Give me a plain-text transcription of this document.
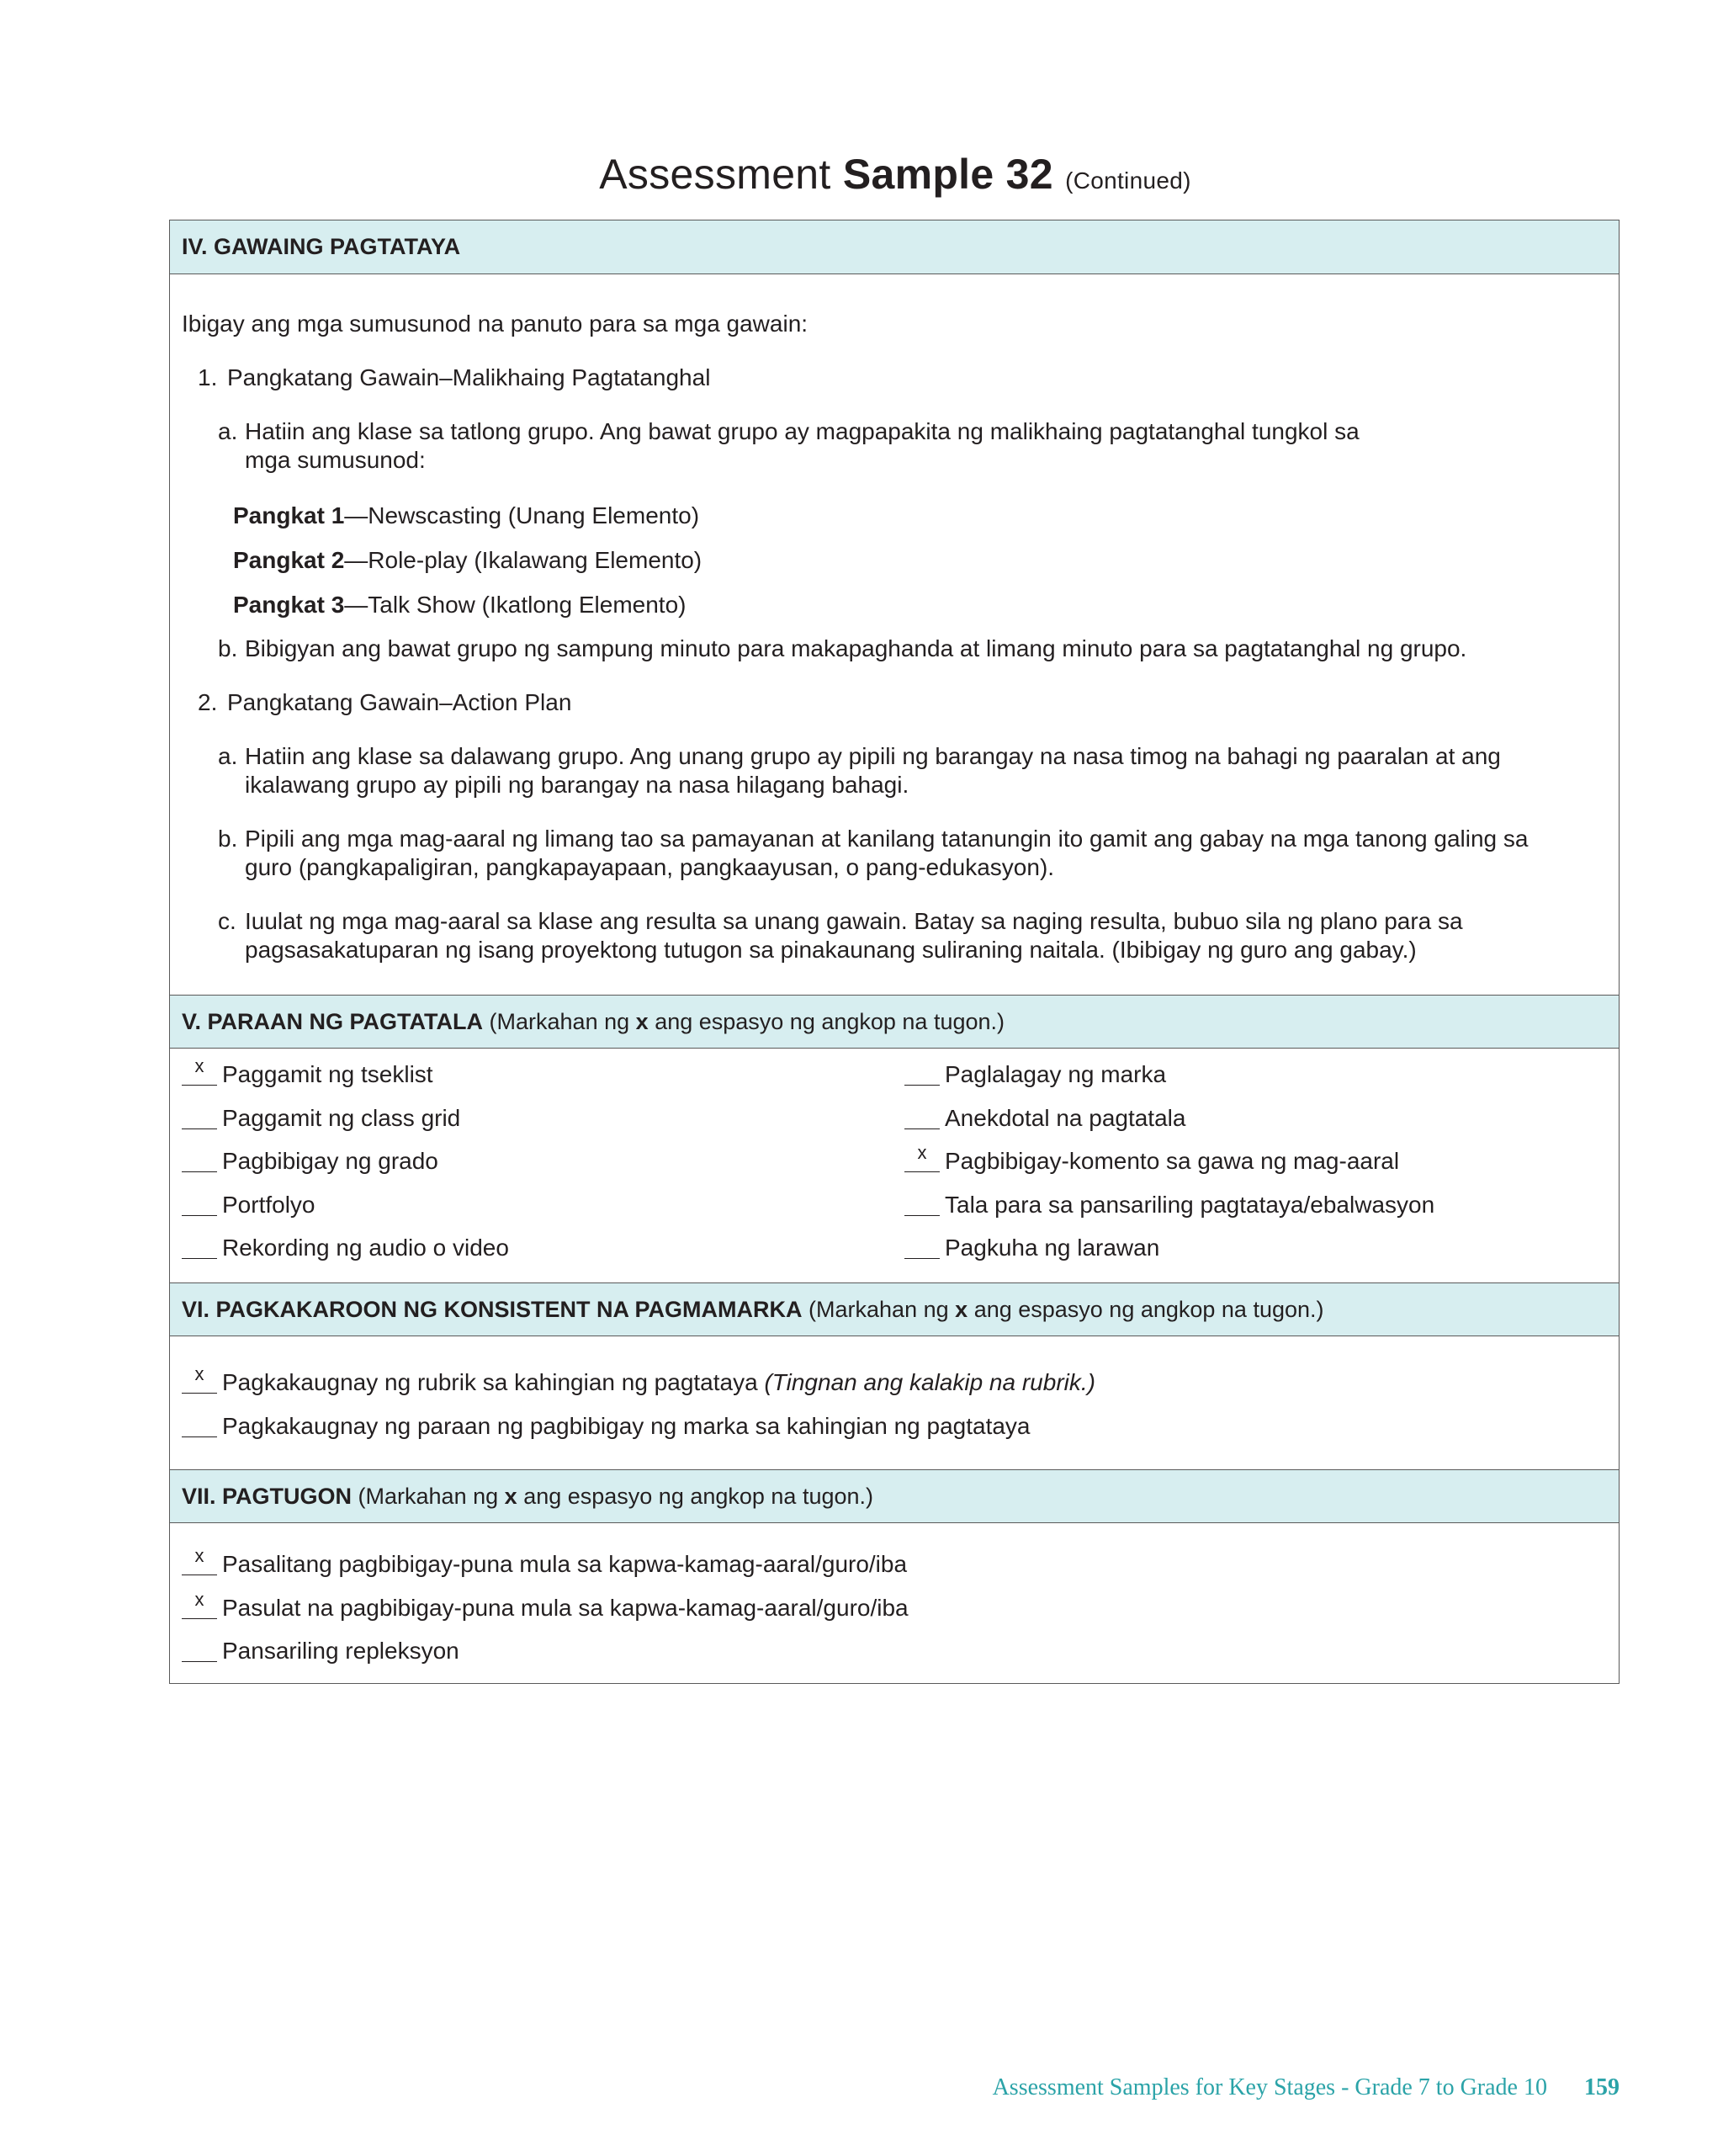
Assessment Sample 32 (Continued)
IV. GAWAING PAGTATAYA
Ibigay ang mga sumusunod na panuto para sa mga gawain:
1. Pangkatang Gawain–Malikhaing Pagtatanghal
a. Hatiin ang klase sa tatlong grupo. Ang bawat grupo ay magpapakita ng malikhaing pagtatanghal tungkol sa
mga sumusunod:
Pangkat 1—Newscasting (Unang Elemento)
Pangkat 2—Role-play (Ikalawang Elemento)
Pangkat 3—Talk Show (Ikatlong Elemento)
b. Bibigyan ang bawat grupo ng sampung minuto para makapaghanda at limang minuto para sa pagtatanghal ng grupo.
2. Pangkatang Gawain–Action Plan
a. Hatiin ang klase sa dalawang grupo. Ang unang grupo ay pipili ng barangay na nasa timog na bahagi ng paaralan at ang
ikalawang grupo ay pipili ng barangay na nasa hilagang bahagi.
b. Pipili ang mga mag-aaral ng limang tao sa pamayanan at kanilang tatanungin ito gamit ang gabay na mga tanong galing sa
guro (pangkapaligiran, pangkapayapaan, pangkaayusan, o pang-edukasyon).
c. Iuulat ng mga mag-aaral sa klase ang resulta sa unang gawain. Batay sa naging resulta, bubuo sila ng plano para sa
pagsasakatuparan ng isang proyektong tutugon sa pinakaunang suliraning naitala. (Ibibigay ng guro ang gabay.)
V. PARAAN NG PAGTATALA (Markahan ng x ang espasyo ng angkop na tugon.)
x Paggamit ng tseklist
Paggamit ng class grid
Pagbibigay ng grado
Portfolyo
Rekording ng audio o video
Paglalagay ng marka
Anekdotal na pagtatala
x Pagbibigay-komento sa gawa ng mag-aaral
Tala para sa pansariling pagtataya/ebalwasyon
Pagkuha ng larawan
VI. PAGKAKAROON NG KONSISTENT NA PAGMAMARKA (Markahan ng x ang espasyo ng angkop na tugon.)
x Pagkakaugnay ng rubrik sa kahingian ng pagtataya (Tingnan ang kalakip na rubrik.)
Pagkakaugnay ng paraan ng pagbibigay ng marka sa kahingian ng pagtataya
VII. PAGTUGON (Markahan ng x ang espasyo ng angkop na tugon.)
x Pasalitang pagbibigay-puna mula sa kapwa-kamag-aaral/guro/iba
x Pasulat na pagbibigay-puna mula sa kapwa-kamag-aaral/guro/iba
Pansariling repleksyon
Assessment Samples for Key Stages - Grade 7 to Grade 10 159
